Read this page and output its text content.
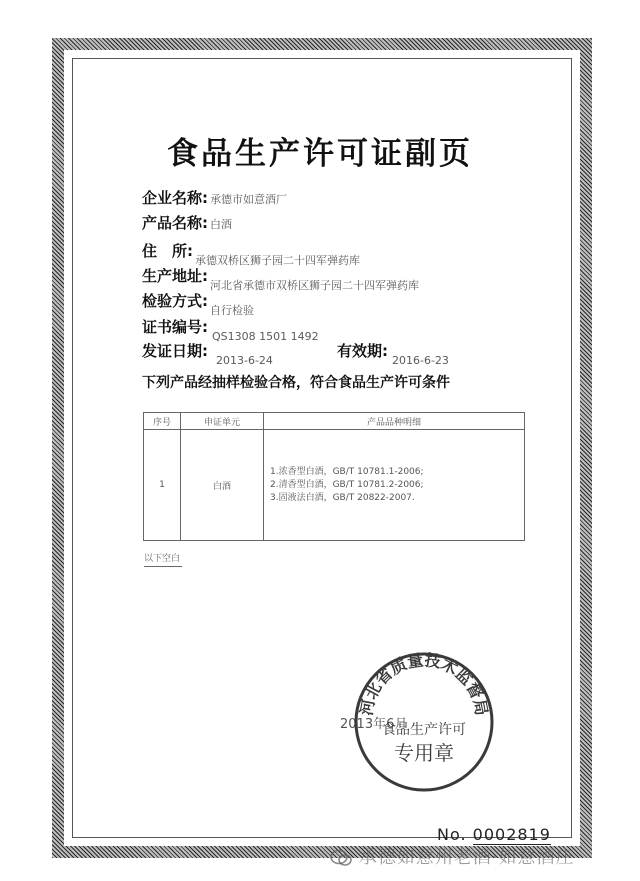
食品生产许可证副页
企业名称: 承德市如意酒厂
产品名称: 白酒
住　所$:_{承德双桥区狮子园二十四军弹药库}$
生产地址$:_{河北省承德市双桥区狮子园二十四军弹药库}$
检验方式$:_{自行检验}$
证书编号$:_{QS1308 1501 1492}$
发证日期$:_{2013-6-24}$
有效期$:_{2016-6-23}$
下列产品经抽样检验合格，符合食品生产许可条件
序号	申证单元	产品品种明细
1	白酒	1.浓香型白酒，GB/T 10781.1-2006;
2.清香型白酒，GB/T 10781.2-2006;
3.固液法白酒，GB/T 20822-2007.
以下空白
2013年6月
河北省质量技术监督局
食品生产许可
专用章
No. 0002819
承德如意州老酒·如意酒庄
